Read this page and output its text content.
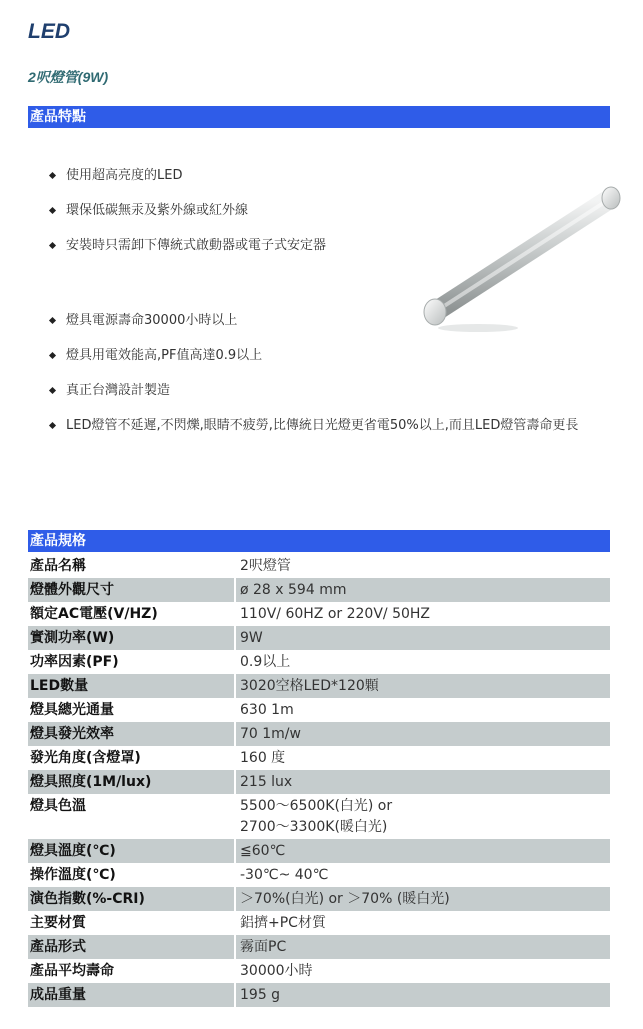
LED
2呎燈管(9W)
產品特點
使用超高亮度的LED
環保低碳無汞及紫外線或紅外線
安裝時只需卸下傳統式啟動器或電子式安定器
燈具電源壽命30000小時以上
燈具用電效能高,PF值高達0.9以上
真正台灣設計製造
LED燈管不延遲,不閃爍,眼睛不疲勞,比傳統日光燈更省電50%以上,而且LED燈管壽命更長
產品規格
產品名稱	2呎燈管
燈體外觀尺寸	ø 28 x 594 mm
額定AC電壓(V/HZ)	110V/ 60HZ or 220V/ 50HZ
實測功率(W)	9W
功率因素(PF)	0.9以上
LED數量	3020空格LED*120顆
燈具總光通量	630 1m
燈具發光效率	70 1m/w
發光角度(含燈罩)	160 度
燈具照度(1M/lux)	215 lux
燈具色溫	5500～6500K(白光) or
2700～3300K(暖白光)
燈具溫度(℃)	≦60℃
操作溫度(℃)	-30℃~ 40℃
演色指數(%-CRI)	＞70%(白光) or ＞70% (暖白光)
主要材質	鋁擠+PC材質
產品形式	霧面PC
產品平均壽命	30000小時
成品重量	195 g
